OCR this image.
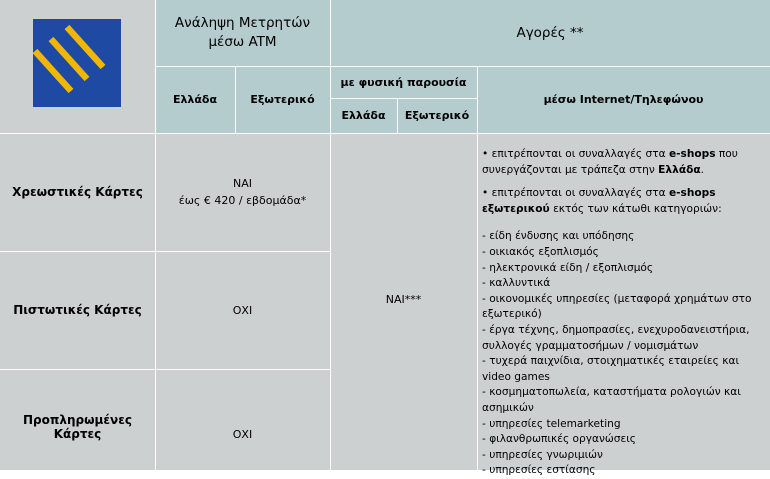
Ανάληψη Μετρητών μέσω ATM
Αγορές **
Ελλάδα	Εξωτερικό
με φυσική παρουσία
Ελλάδα Εξωτερικό
μέσω Internet/Τηλεφώνου
Χρεωστικές Κάρτες
Πιστωτικές Κάρτες
Προπληρωμένες Κάρτες
ΝΑΙ
έως € 420 / εβδομάδα*
ΟΧΙ
ΟΧΙ
ΝΑΙ***

• επιτρέπονται οι συναλλαγές στα e-shops που συνεργάζονται με τράπεζα στην Ελλάδα.

• επιτρέπονται οι συναλλαγές στα e-shops εξωτερικού εκτός των κάτωθι κατηγοριών:

- είδη ένδυσης και υπόδησης
- οικιακός εξοπλισμός
- ηλεκτρονικά είδη / εξοπλισμός
- καλλυντικά
- οικονομικές υπηρεσίες (μεταφορά χρημάτων στο εξωτερικό)
- έργα τέχνης, δημοπρασίες, ενεχυροδανειστήρια, συλλογές γραμματοσήμων / νομισμάτων
- τυχερά παιχνίδια, στοιχηματικές εταιρείες και video games
- κοσμηματοπωλεία, καταστήματα ρολογιών και ασημικών
- υπηρεσίες telemarketing
- φιλανθρωπικές οργανώσεις
- υπηρεσίες γνωριμιών
- υπηρεσίες εστίασης
